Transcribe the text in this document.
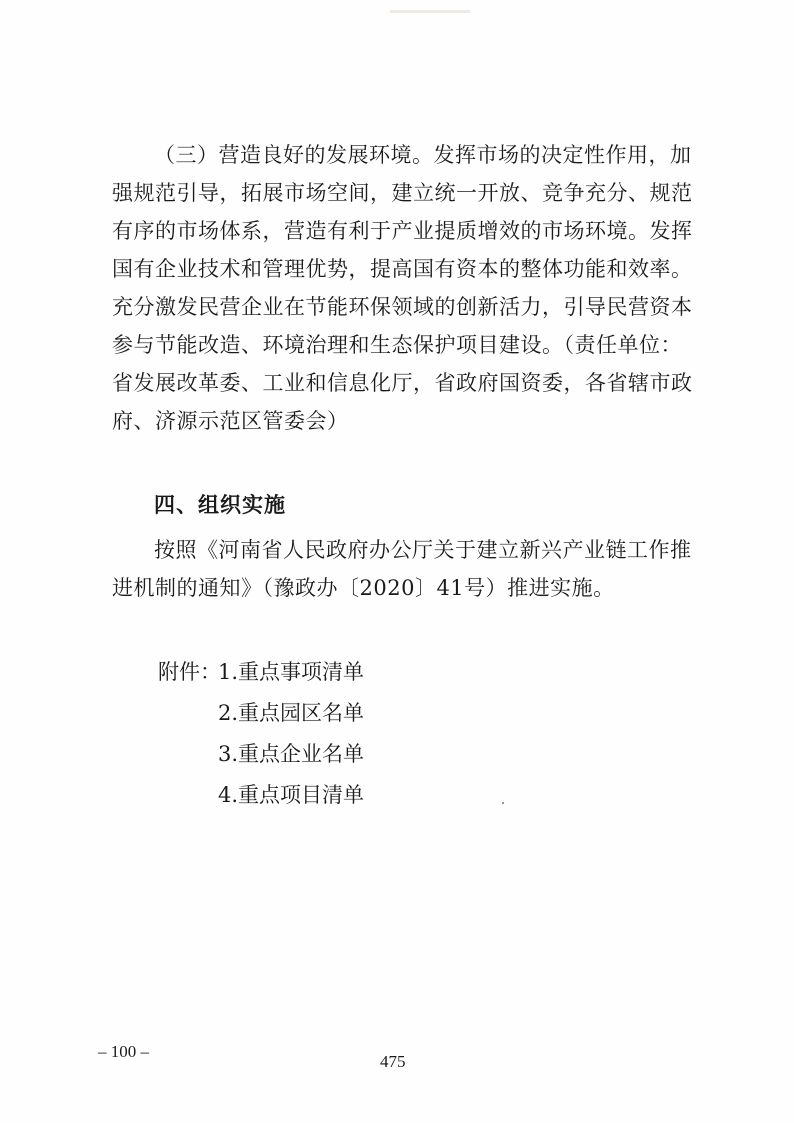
（三）营造良好的发展环境。发挥市场的决定性作用，加
强规范引导，拓展市场空间，建立统一开放、竞争充分、规范
有序的市场体系，营造有利于产业提质增效的市场环境。发挥
国有企业技术和管理优势，提高国有资本的整体功能和效率。
充分激发民营企业在节能环保领域的创新活力，引导民营资本
参与节能改造、环境治理和生态保护项目建设。（责任单位：
省发展改革委、工业和信息化厅，省政府国资委，各省辖市政
府、济源示范区管委会）
四、组织实施
按照《河南省人民政府办公厅关于建立新兴产业链工作推
进机制的通知》（豫政办〔2020〕41号）推进实施。
附件：1.重点事项清单
2.重点园区名单
3.重点企业名单
4.重点项目清单
– 100 –
475
